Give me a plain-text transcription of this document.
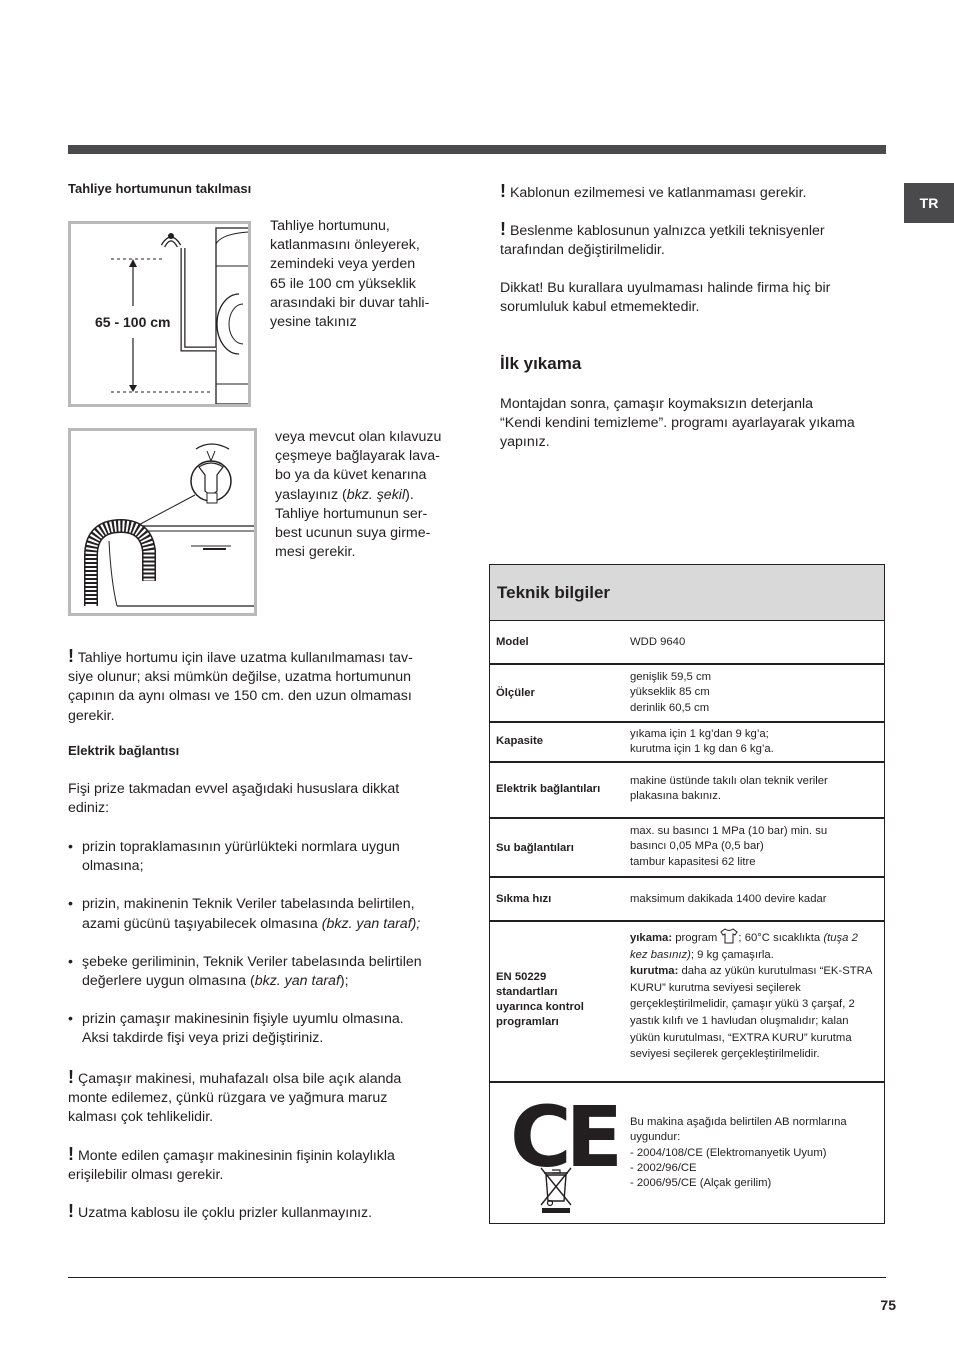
TR
Tahliye hortumunun takılması
65 - 100 cm
Tahliye hortumunu,
katlanmasını önleyerek,
zemindeki veya yerden
65 ile 100 cm yükseklik
arasındaki bir duvar tahli-
yesine takınız
veya mevcut olan kılavuzu
çeşmeye bağlayarak lava-
bo ya da küvet kenarına
yaslayınız (bkz. şekil).
Tahliye hortumunun ser-
best ucunun suya girme-
mesi gerekir.
! Tahliye hortumu için ilave uzatma kullanılmaması tav-
siye olunur; aksi mümkün değilse, uzatma hortumunun
çapının da aynı olması ve 150 cm. den uzun olmaması
gerekir.
Elektrik bağlantısı
Fişi prize takmadan evvel aşağıdaki hususlara dikkat
ediniz:
• prizin topraklamasının yürürlükteki normlara uygun
olmasına;
• prizin, makinenin Teknik Veriler tabelasında belirtilen,
azami gücünü taşıyabilecek olmasına (bkz. yan taraf);
• şebeke geriliminin, Teknik Veriler tabelasında belirtilen
değerlere uygun olmasına (bkz. yan taraf);
• prizin çamaşır makinesinin fişiyle uyumlu olmasına.
Aksi takdirde fişi veya prizi değiştiriniz.
! Çamaşır makinesi, muhafazalı olsa bile açık alanda
monte edilemez, çünkü rüzgara ve yağmura maruz
kalması çok tehlikelidir.
! Monte edilen çamaşır makinesinin fişinin kolaylıkla
erişilebilir olması gerekir.
! Uzatma kablosu ile çoklu prizler kullanmayınız.
! Kablonun ezilmemesi ve katlanmaması gerekir.
! Beslenme kablosunun yalnızca yetkili teknisyenler
tarafından değiştirilmelidir.
Dikkat! Bu kurallara uyulmaması halinde firma hiç bir
sorumluluk kabul etmemektedir.
İlk yıkama
Montajdan sonra, çamaşır koymaksızın deterjanla
“Kendi kendini temizleme”. programı ayarlayarak yıkama
yapınız.
Teknik bilgiler
Model	WDD 9640
Ölçüler
genişlik 59,5 cm
yükseklik 85 cm
derinlik 60,5 cm
Kapasite
yıkama için 1 kg’dan 9 kg’a;
kurutma için 1 kg dan 6 kg’a.
Elektrik bağlantıları
makine üstünde takılı olan teknik veriler
plakasına bakınız.
Su bağlantıları
max. su basıncı 1 MPa (10 bar) min. su
basıncı 0,05 MPa (0,5 bar)
tambur kapasitesi 62 litre
Sıkma hızı	maksimum dakikada 1400 devire kadar
EN 50229
standartları
uyarınca kontrol
programları
yıkama: program ; 60°C sıcaklıkta (tuşa 2 kez basınız); 9 kg çamaşırla.
kurutma: daha az yükün kurutulması “EK-STRA KURU” kurutma seviyesi seçilerek gerçekleştirilmelidir, çamaşır yükü 3 çarşaf, 2 yastık kılıfı ve 1 havludan oluşmalıdır; kalan yükün kurutulması, “EXTRA KURU” kurutma seviyesi seçilerek gerçekleştirilmelidir.
CE Bu makina aşağıda belirtilen AB normlarına
uygundur:
- 2004/108/CE (Elektromanyetik Uyum)
- 2002/96/CE
- 2006/95/CE (Alçak gerilim)
75
